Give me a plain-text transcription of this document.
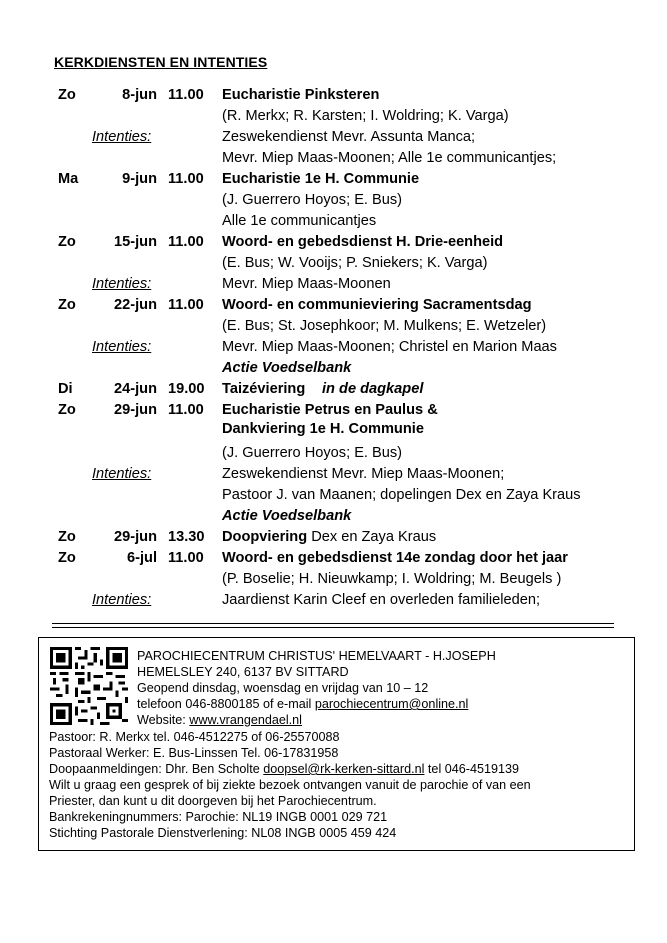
KERKDIENSTEN EN INTENTIES
Zo	8-jun 11.00 Eucharistie Pinksteren
(R. Merkx; R. Karsten; I. Woldring; K. Varga)
Intenties:	Zeswekendienst Mevr. Assunta Manca;
Mevr. Miep Maas-Moonen; Alle 1e communicantjes;
Ma	9-jun 11.00 Eucharistie 1e H. Communie
(J. Guerrero Hoyos; E. Bus)
Alle 1e communicantjes
Zo	15-jun 11.00 Woord- en gebedsdienst H. Drie-eenheid
(E. Bus; W. Vooijs; P. Sniekers; K. Varga)
Intenties:	Mevr. Miep Maas-Moonen
Zo	22-jun 11.00 Woord- en communieviering Sacramentsdag
(E. Bus; St. Josephkoor; M. Mulkens; E. Wetzeler)
Intenties:	Mevr. Miep Maas-Moonen; Christel en Marion Maas
Actie Voedselbank
Di	24-jun 19.00 Taizéviering in de dagkapel
Zo	29-jun 11.00 Eucharistie Petrus en Paulus &
Dankviering 1e H. Communie
(J. Guerrero Hoyos; E. Bus)
Intenties:	Zeswekendienst Mevr. Miep Maas-Moonen;
Pastoor J. van Maanen; dopelingen Dex en Zaya Kraus
Actie Voedselbank
Zo	29-jun 13.30 Doopviering Dex en Zaya Kraus
Zo	6-jul 11.00 Woord- en gebedsdienst 14e zondag door het jaar
(P. Boselie; H. Nieuwkamp; I. Woldring; M. Beugels )
Intenties:	Jaardienst Karin Cleef en overleden familieleden;
PAROCHIECENTRUM CHRISTUS' HEMELVAART - H.JOSEPH
HEMELSLEY 240, 6137 BV SITTARD
Geopend dinsdag, woensdag en vrijdag van 10 – 12
telefoon 046-8800185 of e-mail parochiecentrum@online.nl
Website: www.vrangendael.nl
Pastoor: R. Merkx tel. 046-4512275 of 06-25570088
Pastoraal Werker: E. Bus-Linssen Tel. 06-17831958
Doopaanmeldingen: Dhr. Ben Scholte doopsel@rk-kerken-sittard.nl tel 046-4519139
Wilt u graag een gesprek of bij ziekte bezoek ontvangen vanuit de parochie of van een
Priester, dan kunt u dit doorgeven bij het Parochiecentrum.
Bankrekeningnummers: Parochie: NL19 INGB 0001 029 721
Stichting Pastorale Dienstverlening: NL08 INGB 0005 459 424
